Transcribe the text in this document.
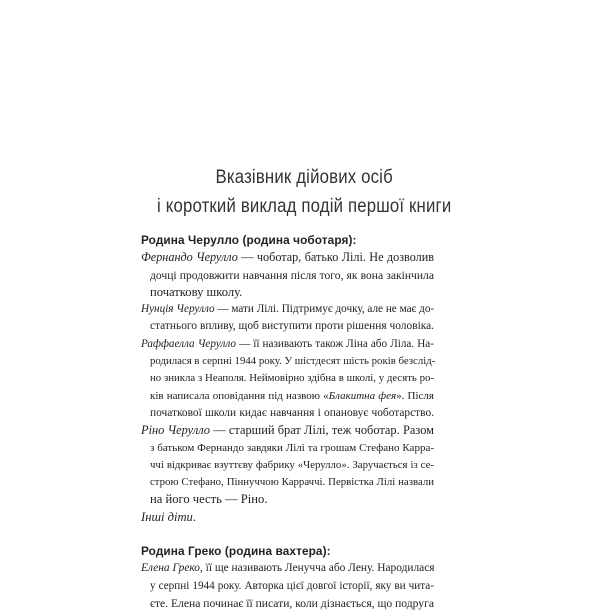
Вказівник дійових осіб
і короткий виклад подій першої книги
Родина Черулло (родина чоботаря):
Фернандо Черулло — чоботар, батько Лілі. Не дозволив
дочці продовжити навчання після того, як вона закінчила
початкову школу.
Нунція Черулло — мати Лілі. Підтримує дочку, але не має до-
статнього впливу, щоб виступити проти рішення чоловіка.
Раффаелла Черулло — її називають також Ліна або Ліла. На-
родилася в серпні 1944 року. У шістдесят шість років безслід-
но зникла з Неаполя. Неймовірно здібна в школі, у десять ро-
ків написала оповідання під назвою «Блакитна фея». Після
початкової школи кидає навчання і опановує чоботарство.
Ріно Черулло — старший брат Лілі, теж чоботар. Разом
з батьком Фернандо завдяки Лілі та грошам Стефано Карра-
ччі відкриває взуттєву фабрику «Черулло». Заручається із се-
строю Стефано, Піннуччою Карраччі. Первістка Лілі назвали
на його честь — Ріно.
Інші діти.
Родина Греко (родина вахтера):
Елена Греко, її ще називають Ленучча або Лену. Народилася
у серпні 1944 року. Авторка цієї довгої історії, яку ви чита-
єте. Елена починає її писати, коли дізнається, що подруга
